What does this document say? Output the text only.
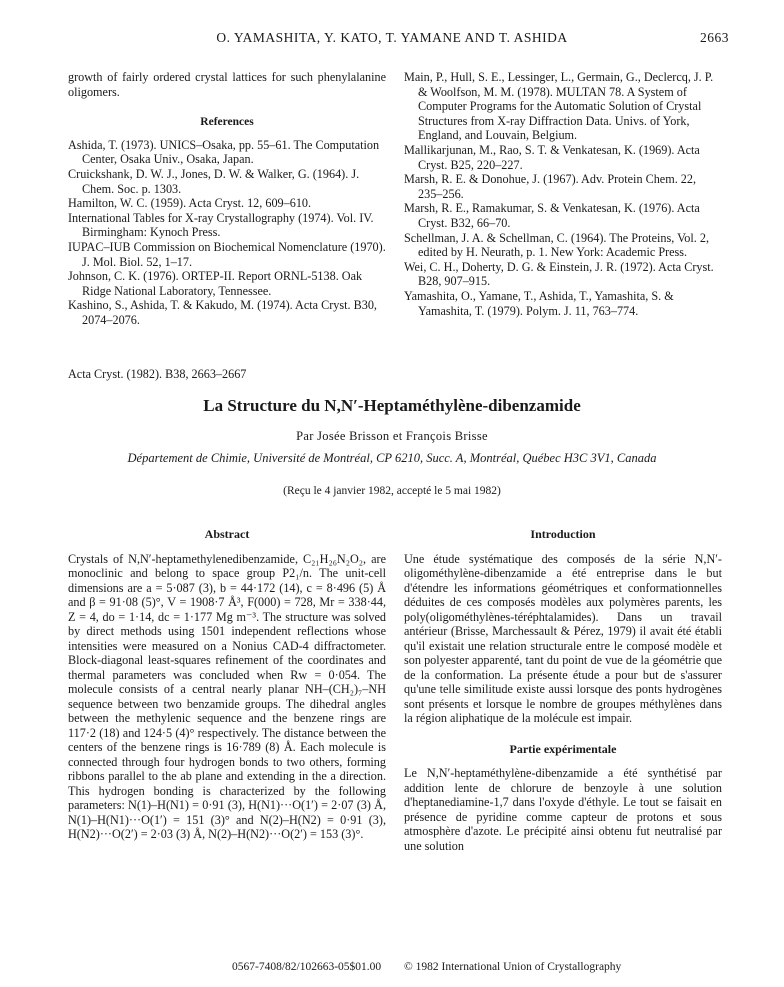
O. YAMASHITA, Y. KATO, T. YAMANE AND T. ASHIDA	2663

growth of fairly ordered crystal lattices for such phenylalanine oligomers.

References

Ashida, T. (1973). UNICS–Osaka, pp. 55–61. The Computation Center, Osaka Univ., Osaka, Japan.
Cruickshank, D. W. J., Jones, D. W. & Walker, G. (1964). J. Chem. Soc. p. 1303.
Hamilton, W. C. (1959). Acta Cryst. 12, 609–610.
International Tables for X-ray Crystallography (1974). Vol. IV. Birmingham: Kynoch Press.
IUPAC–IUB Commission on Biochemical Nomenclature (1970). J. Mol. Biol. 52, 1–17.
Johnson, C. K. (1976). ORTEP-II. Report ORNL-5138. Oak Ridge National Laboratory, Tennessee.
Kashino, S., Ashida, T. & Kakudo, M. (1974). Acta Cryst. B30, 2074–2076.
Main, P., Hull, S. E., Lessinger, L., Germain, G., Declercq, J. P. & Woolfson, M. M. (1978). MULTAN 78. A System of Computer Programs for the Automatic Solution of Crystal Structures from X-ray Diffraction Data. Univs. of York, England, and Louvain, Belgium.
Mallikarjunan, M., Rao, S. T. & Venkatesan, K. (1969). Acta Cryst. B25, 220–227.
Marsh, R. E. & Donohue, J. (1967). Adv. Protein Chem. 22, 235–256.
Marsh, R. E., Ramakumar, S. & Venkatesan, K. (1976). Acta Cryst. B32, 66–70.
Schellman, J. A. & Schellman, C. (1964). The Proteins, Vol. 2, edited by H. Neurath, p. 1. New York: Academic Press.
Wei, C. H., Doherty, D. G. & Einstein, J. R. (1972). Acta Cryst. B28, 907–915.
Yamashita, O., Yamane, T., Ashida, T., Yamashita, S. & Yamashita, T. (1979). Polym. J. 11, 763–774.
Acta Cryst. (1982). B38, 2663–2667
La Structure du N,N′-Heptaméthylène-dibenzamide
Par Josée Brisson et François Brisse
Département de Chimie, Université de Montréal, CP 6210, Succ. A, Montréal, Québec H3C 3V1, Canada
(Reçu le 4 janvier 1982, accepté le 5 mai 1982)

Abstract

Crystals of N,N′-heptamethylenedibenzamide, C₂₁H₂₆N₂O₂, are monoclinic and belong to space group P2₁/n. The unit-cell dimensions are a = 5·087 (3), b = 44·172 (14), c = 8·496 (5) Å and β = 91·08 (5)°, V = 1908·7 Å³, F(000) = 728, Mr = 338·44, Z = 4, do = 1·14, dc = 1·177 Mg m⁻³. The structure was solved by direct methods using 1501 independent reflections whose intensities were measured on a Nonius CAD-4 diffractometer. Block-diagonal least-squares refinement of the coordinates and thermal parameters was concluded when Rw = 0·054. The molecule consists of a central nearly planar NH–(CH₂)₇–NH sequence between two benzamide groups. The dihedral angles between the methylenic sequence and the benzene rings are 117·2 (18) and 124·5 (4)° respectively. The distance between the centers of the benzene rings is 16·789 (8) Å. Each molecule is connected through four hydrogen bonds to two others, forming ribbons parallel to the ab plane and extending in the a direction. This hydrogen bonding is characterized by the following parameters: N(1)–H(N1) = 0·91 (3), H(N1)···O(1′) = 2·07 (3) Å, N(1)–H(N1)···O(1′) = 151 (3)° and N(2)–H(N2) = 0·91 (3), H(N2)···O(2′) = 2·03 (3) Å, N(2)–H(N2)···O(2′) = 153 (3)°.

Introduction

Une étude systématique des composés de la série N,N′-oligométhylène-dibenzamide a été entreprise dans le but d'étendre les informations géométriques et conformationnelles déduites de ces composés modèles aux polymères parents, les poly(oligométhylènes-téréphtalamides). Dans un travail antérieur (Brisse, Marchessault & Pérez, 1979) il avait été établi qu'il existait une relation structurale entre le composé modèle et son polyester apparenté, tant du point de vue de la géométrie que de la conformation. La présente étude a pour but de s'assurer qu'une telle similitude existe aussi lorsque des ponts hydrogènes sont présents et lorsque le nombre de groupes méthylènes dans la région aliphatique de la molécule est impair.

Partie expérimentale

Le N,N′-heptaméthylène-dibenzamide a été synthétisé par addition lente de chlorure de benzoyle à une solution d'heptanediamine-1,7 dans l'oxyde d'éthyle. Le tout se faisait en présence de pyridine comme capteur de protons et sous atmosphère d'azote. Le précipité ainsi obtenu fut neutralisé par une solution

0567-7408/82/102663-05$01.00 © 1982 International Union of Crystallography
